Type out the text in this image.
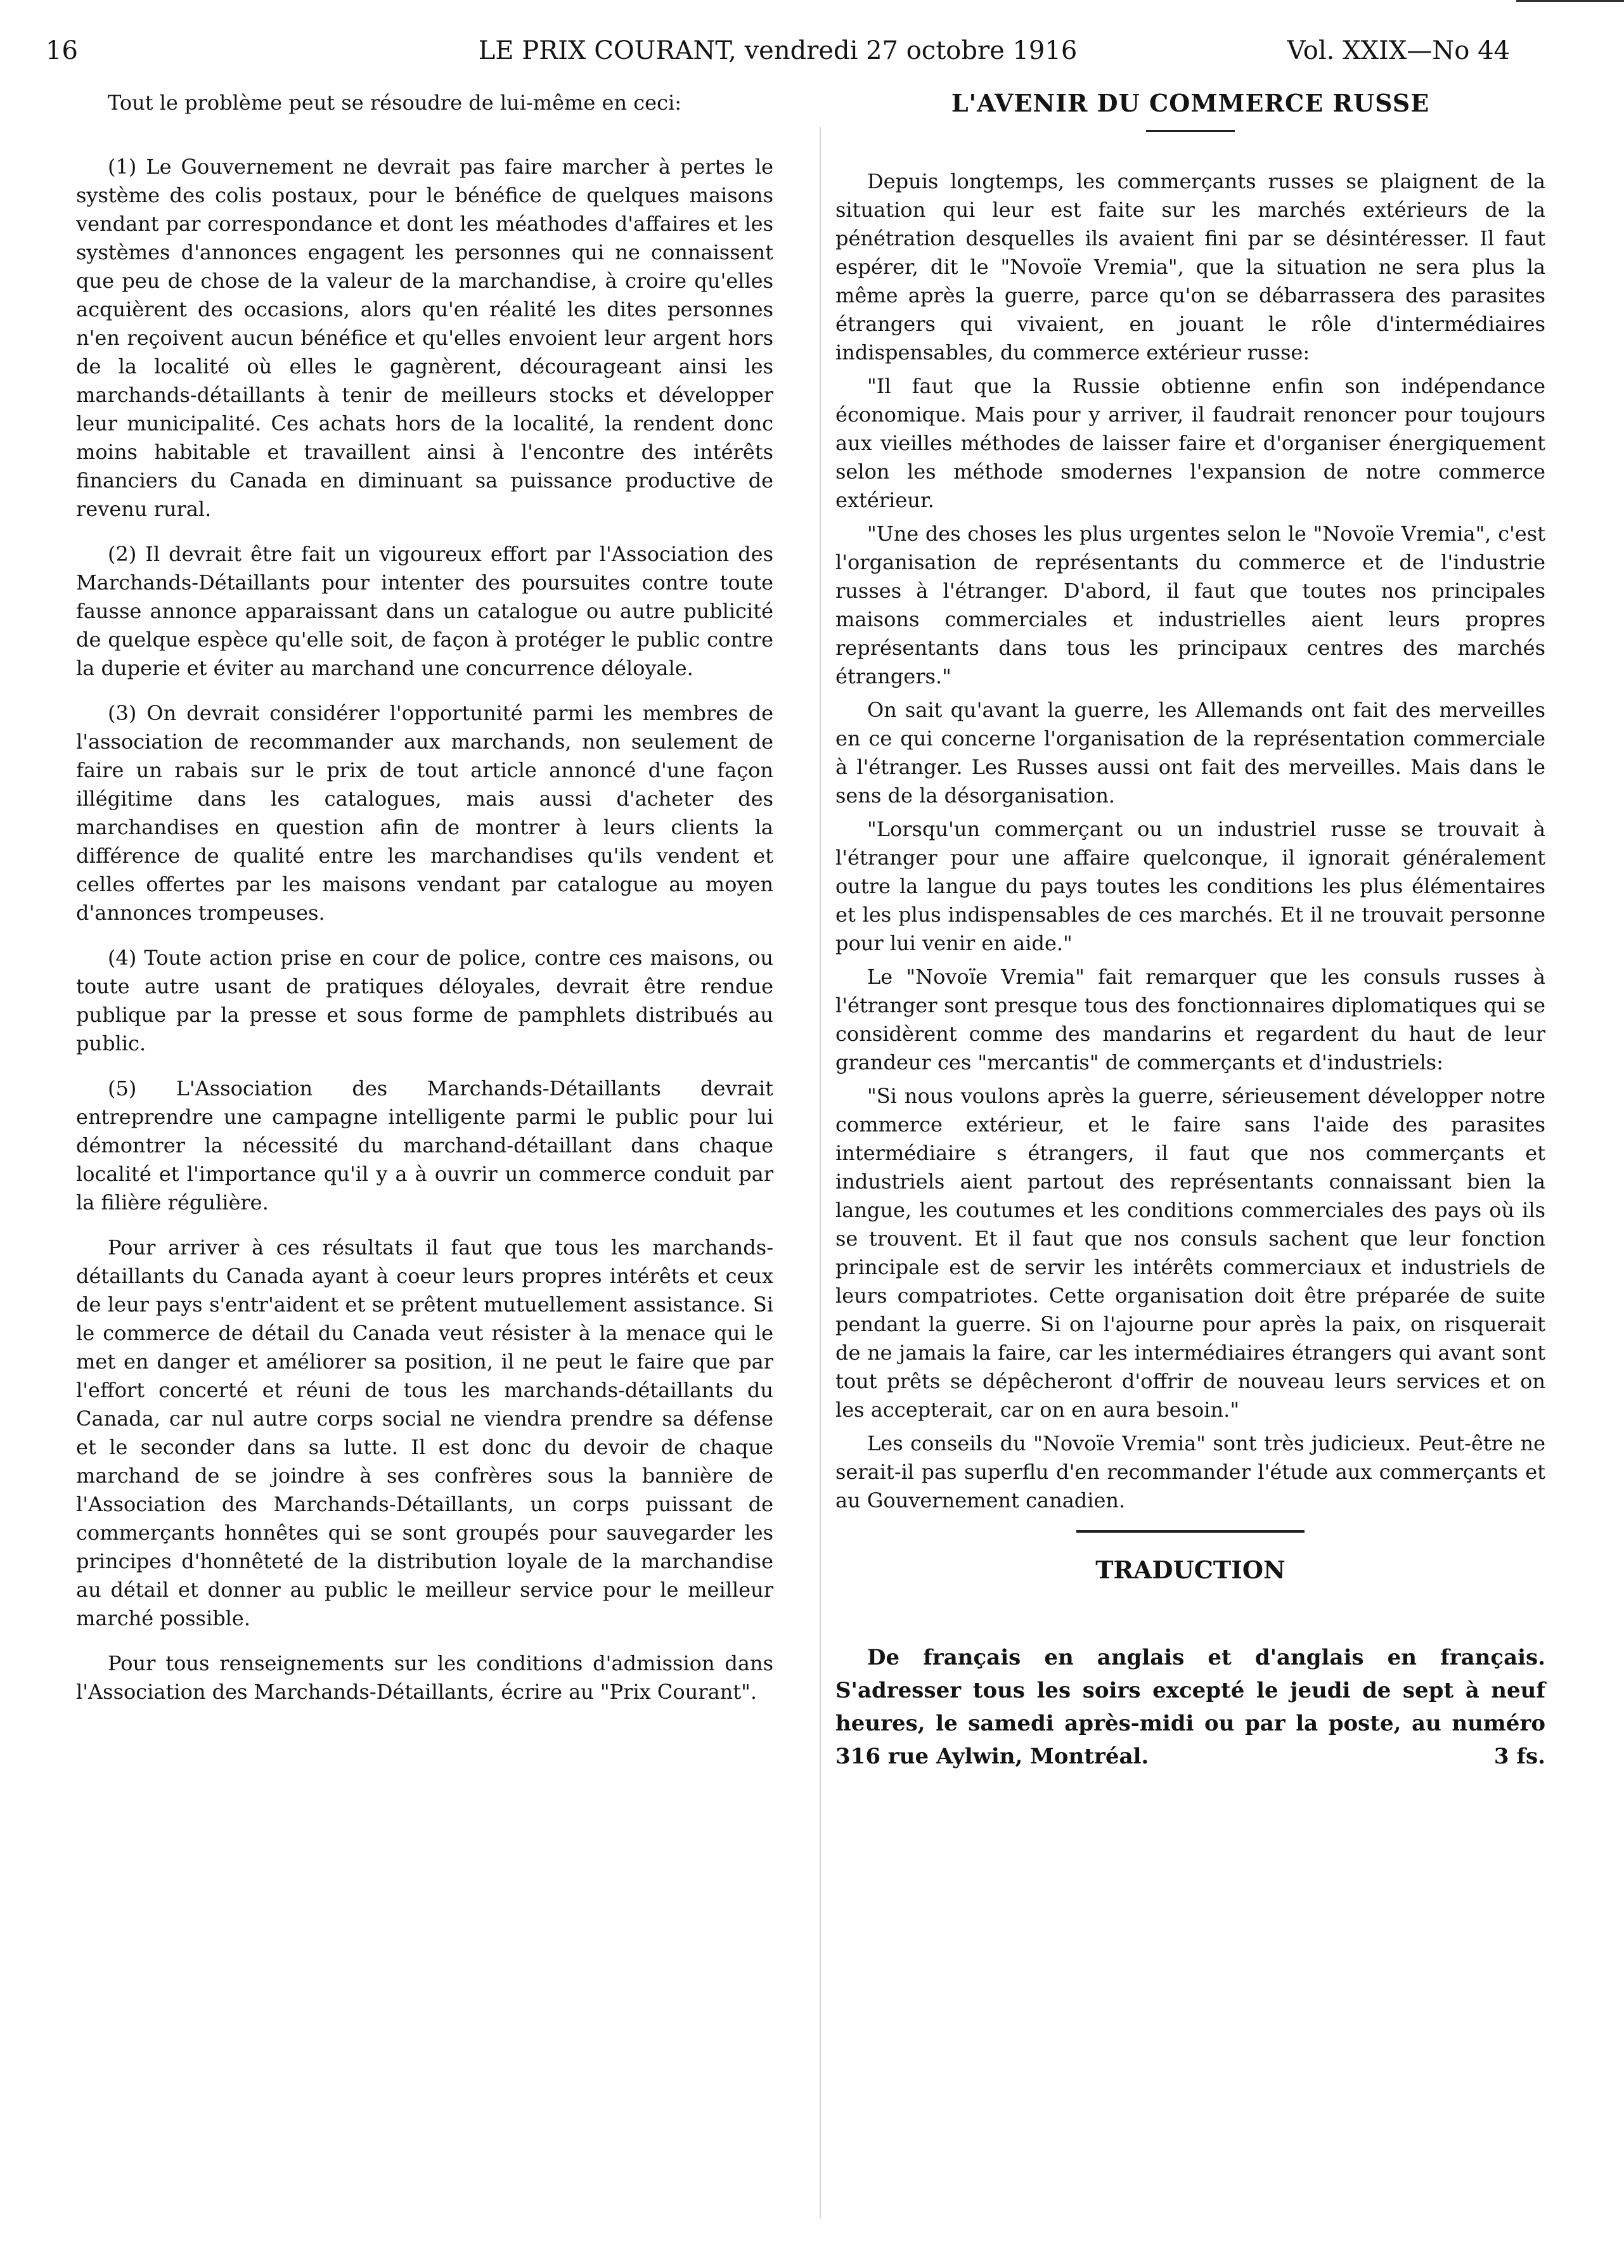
16	LE PRIX COURANT, vendredi 27 octobre 1916	Vol. XXIX—No 44

Tout le problème peut se résoudre de lui-même en ceci:

(1) Le Gouvernement ne devrait pas faire marcher à pertes le système des colis postaux, pour le bénéfice de quelques maisons vendant par correspondance et dont les méathodes d'affaires et les systèmes d'annonces engagent les personnes qui ne connaissent que peu de chose de la valeur de la marchandise, à croire qu'elles acquièrent des occasions, alors qu'en réalité les dites personnes n'en reçoivent aucun bénéfice et qu'elles envoient leur argent hors de la localité où elles le gagnèrent, décourageant ainsi les marchands-détaillants à tenir de meilleurs stocks et développer leur municipalité. Ces achats hors de la localité, la rendent donc moins habitable et travaillent ainsi à l'encontre des intérêts financiers du Canada en diminuant sa puissance productive de revenu rural.

(2) Il devrait être fait un vigoureux effort par l'Association des Marchands-Détaillants pour intenter des poursuites contre toute fausse annonce apparaissant dans un catalogue ou autre publicité de quelque espèce qu'elle soit, de façon à protéger le public contre la duperie et éviter au marchand une concurrence déloyale.

(3) On devrait considérer l'opportunité parmi les membres de l'association de recommander aux marchands, non seulement de faire un rabais sur le prix de tout article annoncé d'une façon illégitime dans les catalogues, mais aussi d'acheter des marchandises en question afin de montrer à leurs clients la différence de qualité entre les marchandises qu'ils vendent et celles offertes par les maisons vendant par catalogue au moyen d'annonces trompeuses.

(4) Toute action prise en cour de police, contre ces maisons, ou toute autre usant de pratiques déloyales, devrait être rendue publique par la presse et sous forme de pamphlets distribués au public.

(5) L'Association des Marchands-Détaillants devrait entreprendre une campagne intelligente parmi le public pour lui démontrer la nécessité du marchand-détaillant dans chaque localité et l'importance qu'il y a à ouvrir un commerce conduit par la filière régulière.

Pour arriver à ces résultats il faut que tous les marchands-détaillants du Canada ayant à coeur leurs propres intérêts et ceux de leur pays s'entr'aident et se prêtent mutuellement assistance. Si le commerce de détail du Canada veut résister à la menace qui le met en danger et améliorer sa position, il ne peut le faire que par l'effort concerté et réuni de tous les marchands-détaillants du Canada, car nul autre corps social ne viendra prendre sa défense et le seconder dans sa lutte. Il est donc du devoir de chaque marchand de se joindre à ses confrères sous la bannière de l'Association des Marchands-Détaillants, un corps puissant de commerçants honnêtes qui se sont groupés pour sauvegarder les principes d'honnêteté de la distribution loyale de la marchandise au détail et donner au public le meilleur service pour le meilleur marché possible.

Pour tous renseignements sur les conditions d'admission dans l'Association des Marchands-Détaillants, écrire au "Prix Courant".

L'AVENIR DU COMMERCE RUSSE

Depuis longtemps, les commerçants russes se plaignent de la situation qui leur est faite sur les marchés extérieurs de la pénétration desquelles ils avaient fini par se désintéresser. Il faut espérer, dit le "Novoïe Vremia", que la situation ne sera plus la même après la guerre, parce qu'on se débarrassera des parasites étrangers qui vivaient, en jouant le rôle d'intermédiaires indispensables, du commerce extérieur russe:

"Il faut que la Russie obtienne enfin son indépendance économique. Mais pour y arriver, il faudrait renoncer pour toujours aux vieilles méthodes de laisser faire et d'organiser énergiquement selon les méthode smodernes l'expansion de notre commerce extérieur.

"Une des choses les plus urgentes selon le "Novoïe Vremia", c'est l'organisation de représentants du commerce et de l'industrie russes à l'étranger. D'abord, il faut que toutes nos principales maisons commerciales et industrielles aient leurs propres représentants dans tous les principaux centres des marchés étrangers."

On sait qu'avant la guerre, les Allemands ont fait des merveilles en ce qui concerne l'organisation de la représentation commerciale à l'étranger. Les Russes aussi ont fait des merveilles. Mais dans le sens de la désorganisation.

"Lorsqu'un commerçant ou un industriel russe se trouvait à l'étranger pour une affaire quelconque, il ignorait généralement outre la langue du pays toutes les conditions les plus élémentaires et les plus indispensables de ces marchés. Et il ne trouvait personne pour lui venir en aide."

Le "Novoïe Vremia" fait remarquer que les consuls russes à l'étranger sont presque tous des fonctionnaires diplomatiques qui se considèrent comme des mandarins et regardent du haut de leur grandeur ces "mercantis" de commerçants et d'industriels:

"Si nous voulons après la guerre, sérieusement développer notre commerce extérieur, et le faire sans l'aide des parasites intermédiaire s étrangers, il faut que nos commerçants et industriels aient partout des représentants connaissant bien la langue, les coutumes et les conditions commerciales des pays où ils se trouvent. Et il faut que nos consuls sachent que leur fonction principale est de servir les intérêts commerciaux et industriels de leurs compatriotes. Cette organisation doit être préparée de suite pendant la guerre. Si on l'ajourne pour après la paix, on risquerait de ne jamais la faire, car les intermédiaires étrangers qui avant sont tout prêts se dépêcheront d'offrir de nouveau leurs services et on les accepterait, car on en aura besoin."

Les conseils du "Novoïe Vremia" sont très judicieux. Peut-être ne serait-il pas superflu d'en recommander l'étude aux commerçants et au Gouvernement canadien.

TRADUCTION

De français en anglais et d'anglais en français. S'adresser tous les soirs excepté le jeudi de sept à neuf heures, le samedi après-midi ou par la poste, au numéro 316 rue Aylwin, Montréal.	3 fs.
